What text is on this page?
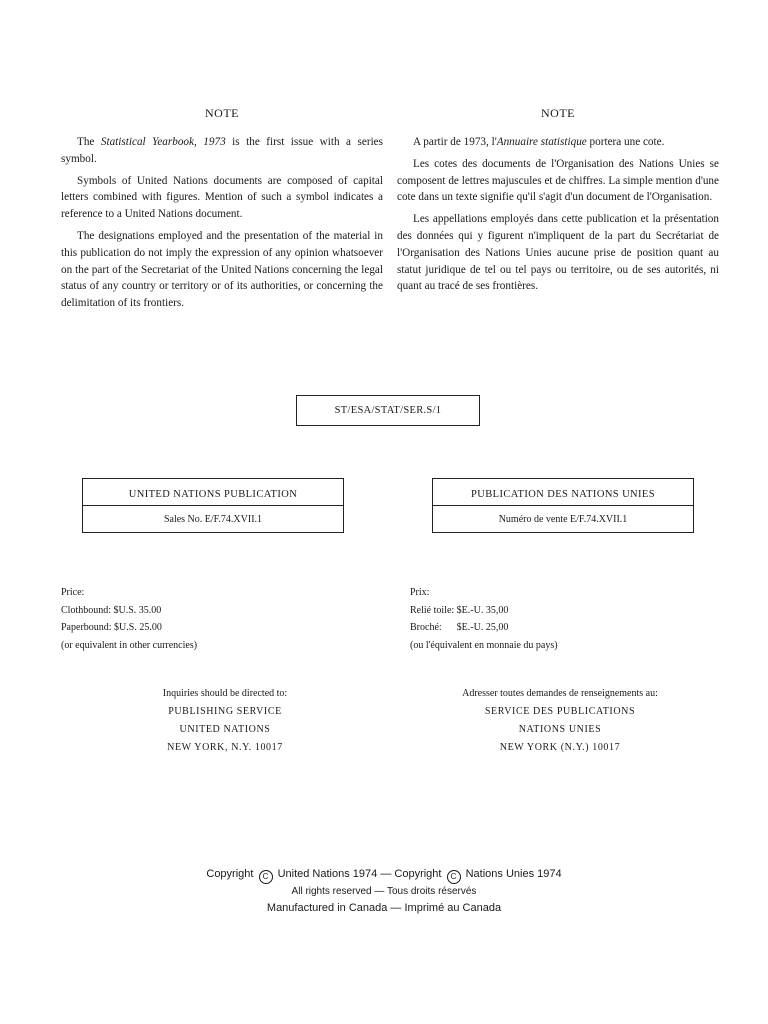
NOTE

The Statistical Yearbook, 1973 is the first issue with a series symbol.

Symbols of United Nations documents are composed of capital letters combined with figures. Mention of such a symbol indicates a reference to a United Nations document.

The designations employed and the presentation of the material in this publication do not imply the expression of any opinion whatsoever on the part of the Secretariat of the United Nations concerning the legal status of any country or territory or of its authorities, or concerning the delimitation of its frontiers.

NOTE

A partir de 1973, l'Annuaire statistique portera une cote.

Les cotes des documents de l'Organisation des Nations Unies se composent de lettres majuscules et de chiffres. La simple mention d'une cote dans un texte signifie qu'il s'agit d'un document de l'Organisation.

Les appellations employés dans cette publication et la présentation des données qui y figurent n'impliquent de la part du Secrétariat de l'Organisation des Nations Unies aucune prise de position quant au statut juridique de tel ou tel pays ou territoire, ou de ses autorités, ni quant au tracé de ses frontières.

ST/ESA/STAT/SER.S/1
UNITED NATIONS PUBLICATION
Sales No. E/F.74.XVII.1
PUBLICATION DES NATIONS UNIES
Numéro de vente E/F.74.XVII.1
Price:
Clothbound: $U.S. 35.00
Paperbound: $U.S. 25.00
(or equivalent in other currencies)
Prix:
Relié toile: $E.-U. 35,00
Broché:      $E.-U. 25,00
(ou l'équivalent en monnaie du pays)
Inquiries should be directed to:
PUBLISHING SERVICE
UNITED NATIONS
NEW YORK, N.Y. 10017
Adresser toutes demandes de renseignements au:
SERVICE DES PUBLICATIONS
NATIONS UNIES
NEW YORK (N.Y.) 10017
Copyright C United Nations 1974 — Copyright C Nations Unies 1974
All rights reserved — Tous droits réservés
Manufactured in Canada — Imprimé au Canada
